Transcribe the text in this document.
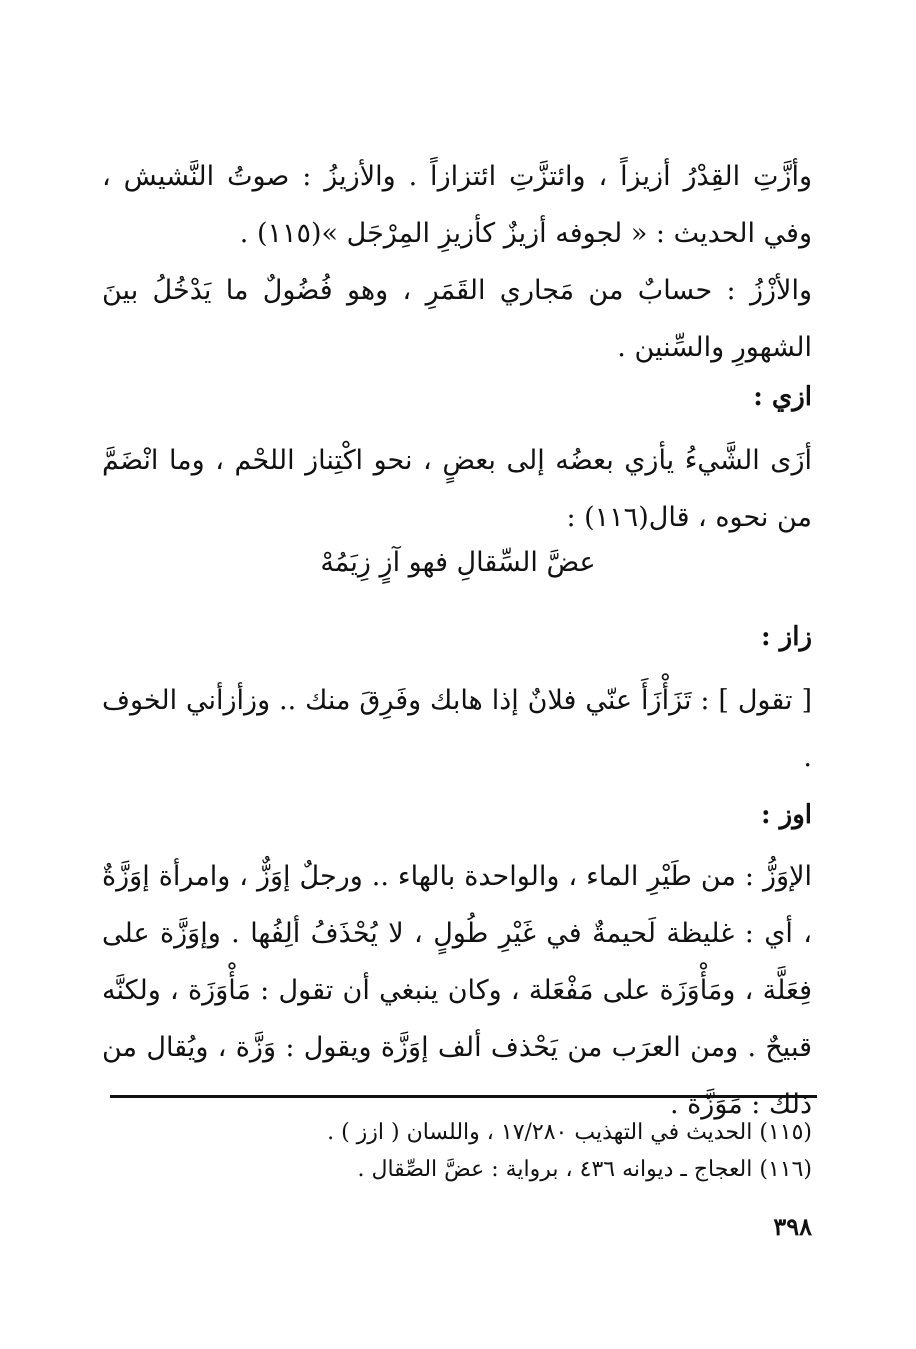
وأزَّتِ القِدْرُ أزيزاً ، وائتزَّتِ ائتزازاً . والأزيزُ : صوتُ النَّشيش ، وفي الحديث : « لجوفه أزيزٌ كأزيزِ المِرْجَل »(١١٥) .

والأزْزُ : حسابٌ من مَجاري القَمَرِ ، وهو فُضُولٌ ما يَدْخُلُ بينَ الشهورِ والسِّنين .

ازي :

أزَى الشَّيءُ يأزي بعضُه إلى بعضٍ ، نحو اكْتِناز اللحْم ، وما انْضَمَّ من نحوه ، قال(١١٦) :

عضَّ السِّقالِ فهو آزٍ زِيَمُهْ

زاز :

[ تقول ] : تَزَأْزَأَ عنّي فلانٌ إذا هابك وفَرِقَ منك .. وزأزأني الخوف .

اوز :

الإوَزُّ : من طَيْرِ الماء ، والواحدة بالهاء .. ورجلٌ إوَزٌّ ، وامرأة إوَزَّةٌ ، أي : غليظة لَحيمةٌ في غَيْرِ طُولٍ ، لا يُحْذَفُ ألِفُها . وإوَزَّة على فِعَلَّة ، ومَأْوَزَة على مَفْعَلة ، وكان ينبغي أن تقول : مَأْوَزَة ، ولكنَّه قبيحٌ . ومن العرَب من يَحْذف ألف إوَزَّة ويقول : وَزَّة ، ويُقال من ذلك : مَوَزَّة .

(١١٥) الحديث في التهذيب ١٧/٢٨٠ ، واللسان ( ازز ) .

(١١٦) العجاج ـ ديوانه ٤٣٦ ، برواية : عضَّ الصِّقال .

٣٩٨
